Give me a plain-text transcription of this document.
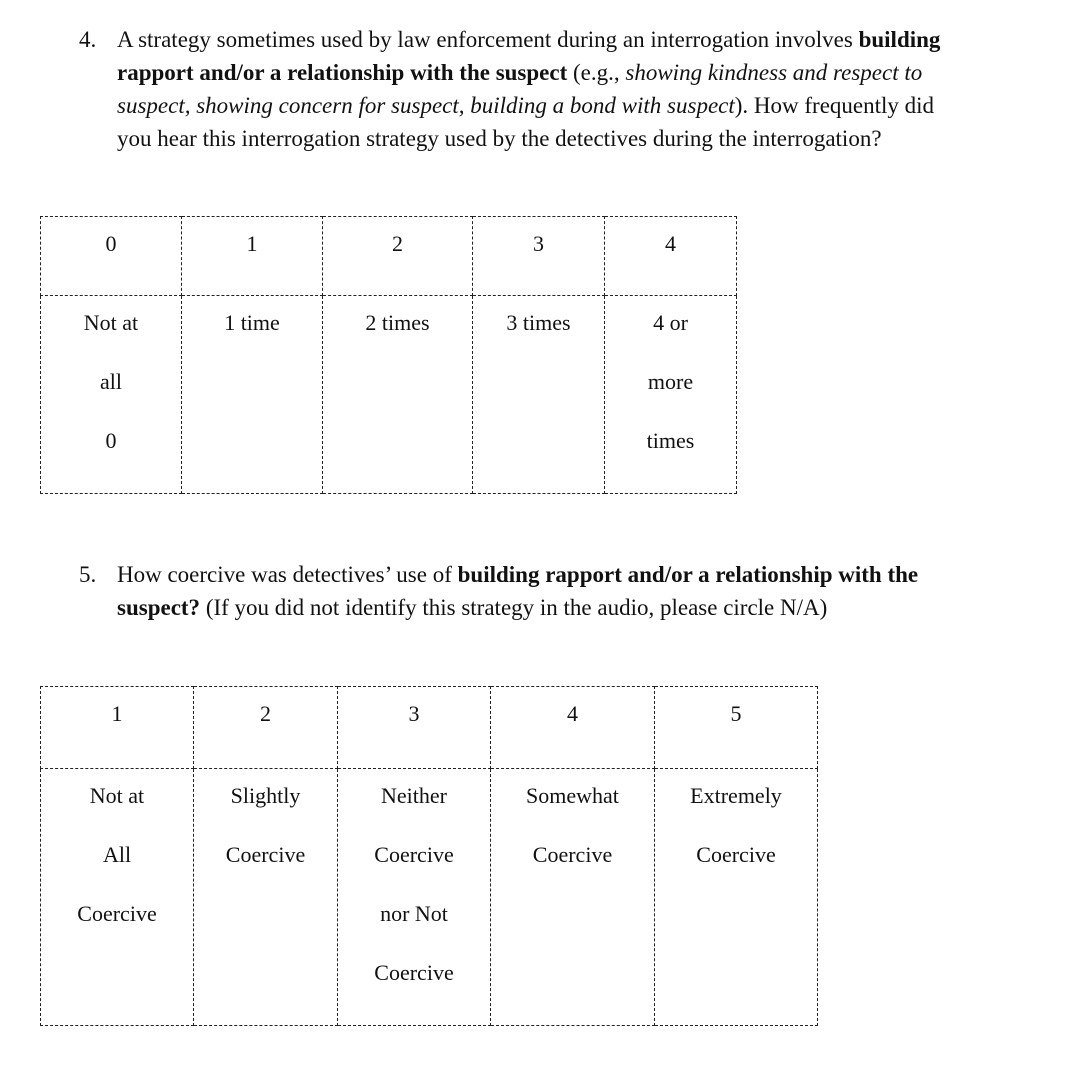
4. A strategy sometimes used by law enforcement during an interrogation involves building
rapport and/or a relationship with the suspect (e.g., showing kindness and respect to
suspect, showing concern for suspect, building a bond with suspect). How frequently did
you hear this interrogation strategy used by the detectives during the interrogation?
0	1	2	3	4

Not at
all
0	1 time	2 times	3 times	4 or
more
times
5. How coercive was detectives’ use of building rapport and/or a relationship with the
suspect? (If you did not identify this strategy in the audio, please circle N/A)
1	2	3	4	5

Not at
All
Coercive	Slightly
Coercive	Neither
Coercive
nor Not
Coercive	Somewhat
Coercive	Extremely
Coercive
